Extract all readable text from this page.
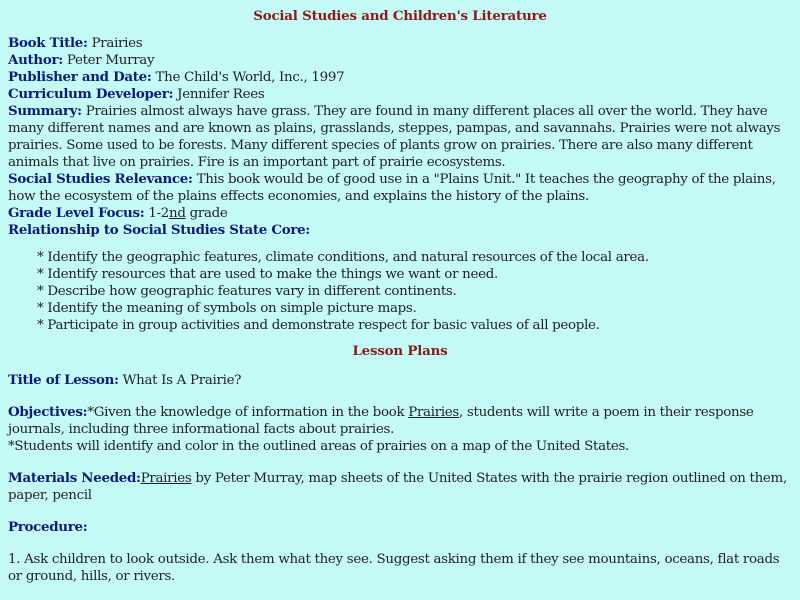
Social Studies and Children's Literature

Book Title: Prairies

Author: Peter Murray

Publisher and Date: The Child's World, Inc., 1997

Curriculum Developer: Jennifer Rees

Summary: Prairies almost always have grass. They are found in many different places all over the world. They have many different names and are known as plains, grasslands, steppes, pampas, and savannahs. Prairies were not always prairies. Some used to be forests. Many different species of plants grow on prairies. There are also many different animals that live on prairies. Fire is an important part of prairie ecosystems.

Social Studies Relevance: This book would be of good use in a "Plains Unit." It teaches the geography of the plains, how the ecosystem of the plains effects economies, and explains the history of the plains.

Grade Level Focus: 1-2nd grade

Relationship to Social Studies State Core:

* Identify the geographic features, climate conditions, and natural resources of the local area.
* Identify resources that are used to make the things we want or need.
* Describe how geographic features vary in different continents.
* Identify the meaning of symbols on simple picture maps.
* Participate in group activities and demonstrate respect for basic values of all people.
Lesson Plans

Title of Lesson: What Is A Prairie?

Objectives:*Given the knowledge of information in the book Prairies, students will write a poem in their response journals, including three informational facts about prairies.
*Students will identify and color in the outlined areas of prairies on a map of the United States.

Materials Needed:Prairies by Peter Murray, map sheets of the United States with the prairie region outlined on them, paper, pencil

Procedure:

1. Ask children to look outside. Ask them what they see. Suggest asking them if they see mountains, oceans, flat roads or ground, hills, or rivers.
